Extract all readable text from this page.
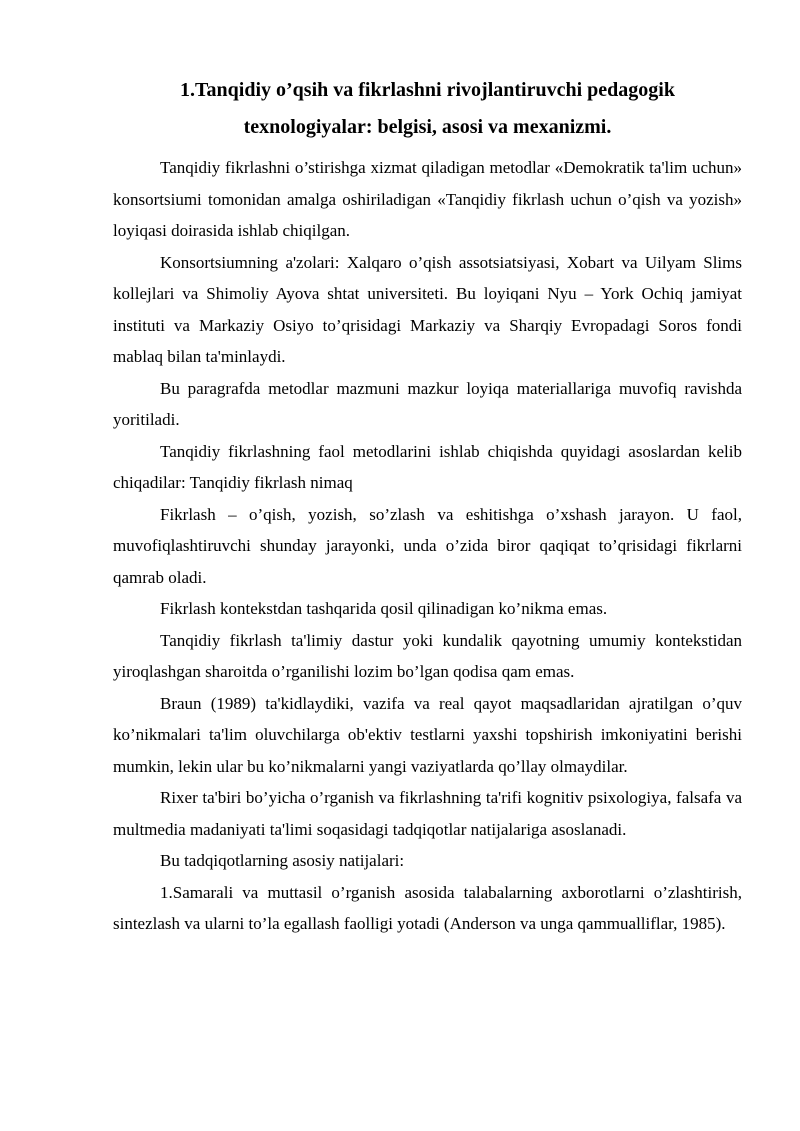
1.Tanqidiy o’qsih va fikrlashni rivojlantiruvchi pedagogik
texnologiyalar: belgisi, asosi va mexanizmi.

Tanqidiy fikrlashni o’stirishga xizmat qiladigan metodlar «Demokratik ta'lim uchun» konsortsiumi tomonidan amalga oshiriladigan «Tanqidiy fikrlash uchun o’qish va yozish» loyiqasi doirasida ishlab chiqilgan.

Konsortsiumning a'zolari: Xalqaro o’qish assotsiatsiyasi, Xobart va Uilyam Slims kollejlari va Shimoliy Ayova shtat universiteti. Bu loyiqani Nyu – York Ochiq jamiyat instituti va Markaziy Osiyo to’qrisidagi Markaziy va Sharqiy Evropadagi Soros fondi mablaq bilan ta'minlaydi.

Bu paragrafda metodlar mazmuni mazkur loyiqa materiallariga muvofiq ravishda yoritiladi.

Tanqidiy fikrlashning faol metodlarini ishlab chiqishda quyidagi asoslardan kelib chiqadilar: Tanqidiy fikrlash nimaq

Fikrlash – o’qish, yozish, so’zlash va eshitishga o’xshash jarayon. U faol, muvofiqlashtiruvchi shunday jarayonki, unda o’zida biror qaqiqat to’qrisidagi fikrlarni qamrab oladi.

Fikrlash kontekstdan tashqarida qosil qilinadigan ko’nikma emas.

Tanqidiy fikrlash ta'limiy dastur yoki kundalik qayotning umumiy kontekstidan yiroqlashgan sharoitda o’rganilishi lozim bo’lgan qodisa qam emas.

Braun (1989) ta'kidlaydiki, vazifa va real qayot maqsadlaridan ajratilgan o’quv ko’nikmalari ta'lim oluvchilarga ob'ektiv testlarni yaxshi topshirish imkoniyatini berishi mumkin, lekin ular bu ko’nikmalarni yangi vaziyatlarda qo’llay olmaydilar.

Rixer ta'biri bo’yicha o’rganish va fikrlashning ta'rifi kognitiv psixologiya, falsafa va multmedia madaniyati ta'limi soqasidagi tadqiqotlar natijalariga asoslanadi.

Bu tadqiqotlarning asosiy natijalari:

1.Samarali va muttasil o’rganish asosida talabalarning axborotlarni o’zlashtirish, sintezlash va ularni to’la egallash faolligi yotadi (Anderson va unga qammualliflar, 1985).
